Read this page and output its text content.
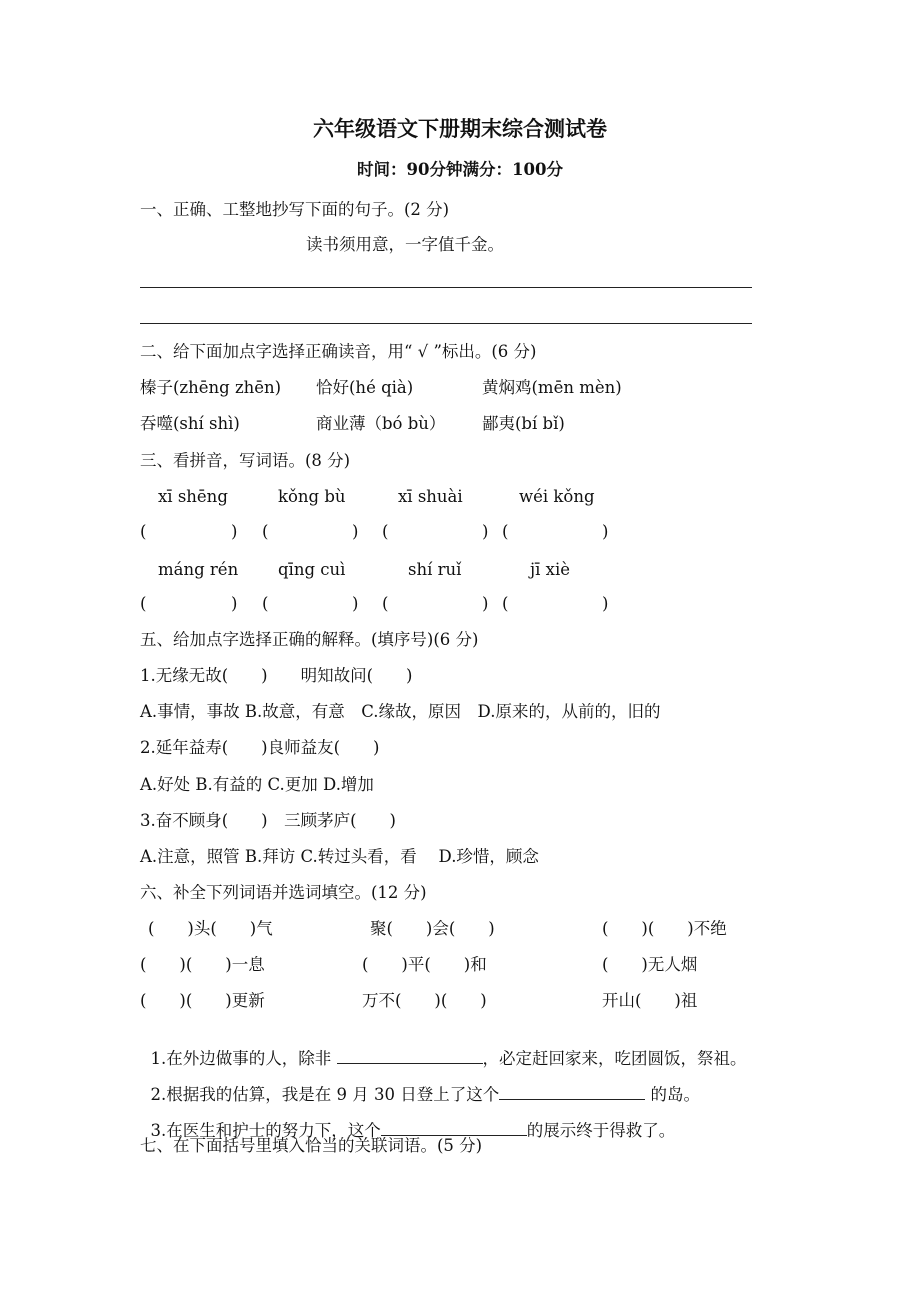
六年级语文下册期末综合测试卷
时间：90分钟满分：100分
一、正确、工整地抄写下面的句子。(2 分)
读书须用意，一字值千金。
二、给下面加点字选择正确读音，用“ √ ”标出。(6 分)
榛子(zhēng zhēn) 恰好(hé qià)	黄焖鸡(mēn mèn)
吞噬(shí shì)	商业薄（bó bù） 鄙夷(bí bǐ)
三、看拼音，写词语。(8 分)
xī shēng	kǒng bù	xī shuài	wéi kǒng
(	) (	) (	) (	)
máng rén qīng cuì	shí ruǐ	jī xiè
(	) (	) (	) (	)
五、给加点字选择正确的解释。(填序号)(6 分)
1.无缘无故(　　)　　明知故问(　　)
A.事情，事故 B.故意，有意　C.缘故，原因　D.原来的，从前的，旧的
2.延年益寿(　　)良师益友(　　)
A.好处 B.有益的 C.更加 D.增加
3.奋不顾身(　　)　三顾茅庐(　　)
A.注意，照管 B.拜访 C.转过头看，看　 D.珍惜，顾念
六、补全下列词语并选词填空。(12 分)
(　　)头(　　)气	聚(　　)会(　　)	(　　)(　　)不绝
(　　)(　　)一息	(　　)平(　　)和	(　　)无人烟
(　　)(　　)更新	万不(　　)(　　)	开山(　　)祖

1.在外边做事的人，除非	，必定赶回家来，吃团圆饭，祭祖。

2.根据我的估算，我是在 9 月 30 日登上了这个	的岛。

3.在医生和护士的努力下，这个	的展示终于得救了。

七、在下面括号里填入恰当的关联词语。(5 分)
